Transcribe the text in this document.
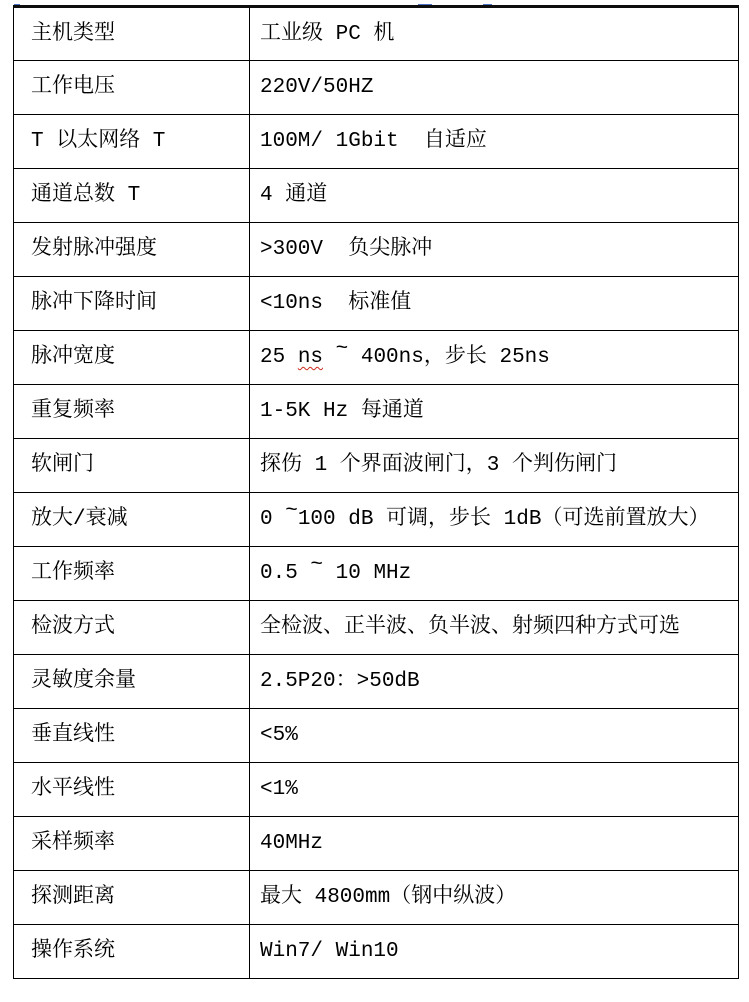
主机类型	工业级 PC 机
工作电压	220V/50HZ
T 以太网络 T	100M/ 1Gbit  自适应
通道总数 T	4 通道
发射脉冲强度	>300V  负尖脉冲
脉冲下降时间	<10ns  标准值
脉冲宽度	25 ns ~ 400ns，步长 25ns
重复频率	1-5K Hz 每通道
软闸门	探伤 1 个界面波闸门，3 个判伤闸门
放大/衰减	0 ~100 dB 可调，步长 1dB（可选前置放大）
工作频率	0.5 ~ 10 MHz
检波方式	全检波、正半波、负半波、射频四种方式可选
灵敏度余量	2.5P20：>50dB
垂直线性	<5%
水平线性	<1%
采样频率	40MHz
探测距离	最大 4800mm（钢中纵波）
操作系统	Win7/ Win10
